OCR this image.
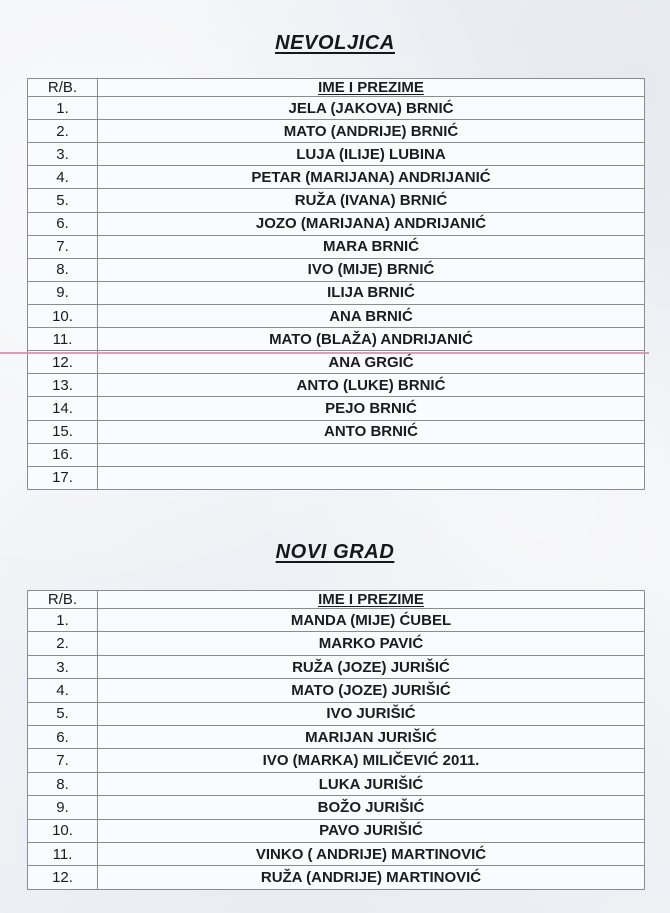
NEVOLJICA
R/B.	IME I PREZIME
1.	JELA (JAKOVA) BRNIĆ
2.	MATO (ANDRIJE) BRNIĆ
3.	LUJA (ILIJE) LUBINA
4.	PETAR (MARIJANA) ANDRIJANIĆ
5.	RUŽA (IVANA) BRNIĆ
6.	JOZO (MARIJANA) ANDRIJANIĆ
7.	MARA BRNIĆ
8.	IVO (MIJE) BRNIĆ
9.	ILIJA BRNIĆ
10.	ANA BRNIĆ
11.	MATO (BLAŽA) ANDRIJANIĆ
12.	ANA GRGIĆ
13.	ANTO (LUKE) BRNIĆ
14.	PEJO BRNIĆ
15.	ANTO BRNIĆ
16.	
17.	
NOVI GRAD
R/B.	IME I PREZIME
1.	MANDA (MIJE) ĆUBEL
2.	MARKO PAVIĆ
3.	RUŽA (JOZE) JURIŠIĆ
4.	MATO (JOZE) JURIŠIĆ
5.	IVO JURIŠIĆ
6.	MARIJAN JURIŠIĆ
7.	IVO (MARKA) MILIČEVIĆ 2011.
8.	LUKA JURIŠIĆ
9.	BOŽO JURIŠIĆ
10.	PAVO JURIŠIĆ
11.	VINKO ( ANDRIJE) MARTINOVIĆ
12.	RUŽA (ANDRIJE) MARTINOVIĆ
